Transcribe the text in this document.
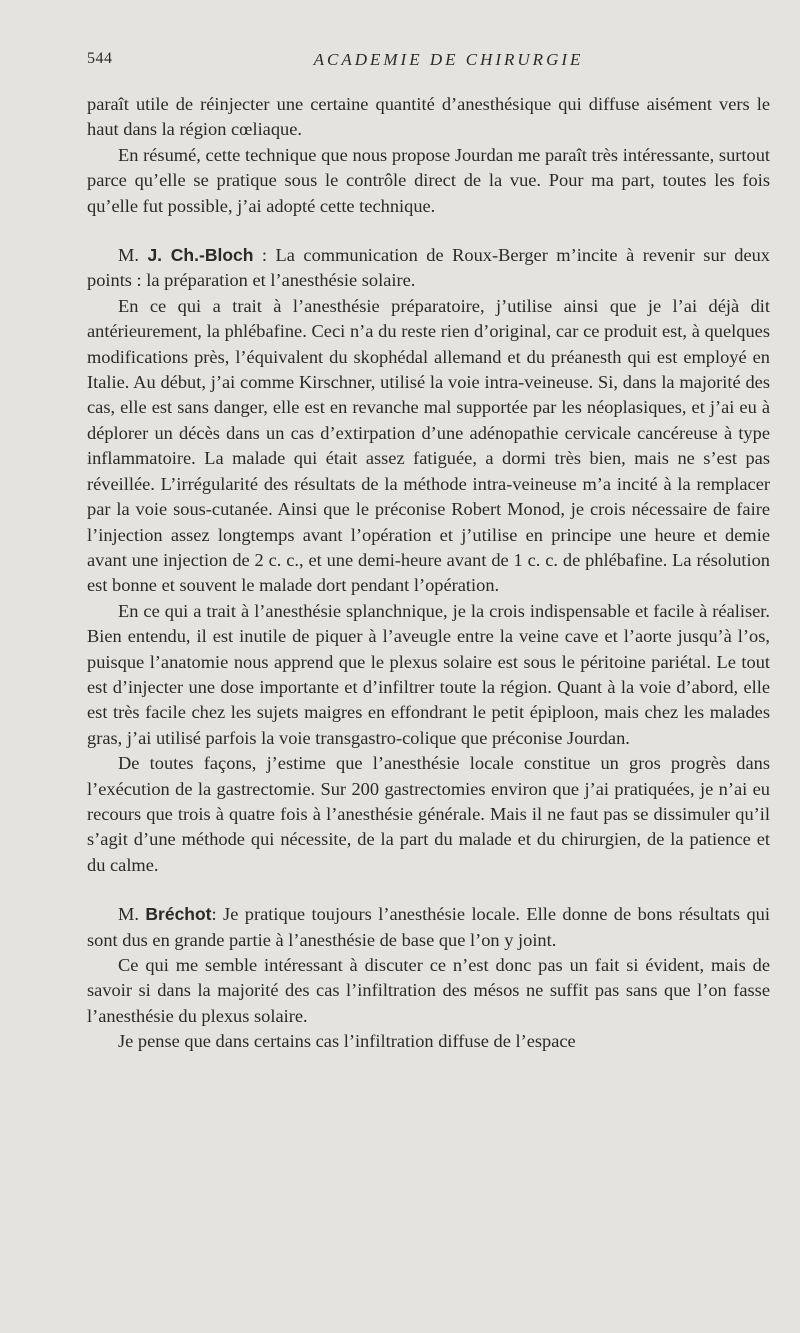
544	ACADEMIE DE CHIRURGIE

paraît utile de réinjecter une certaine quantité d’anesthésique qui diffuse aisément vers le haut dans la région cœliaque.

En résumé, cette technique que nous propose Jourdan me paraît très intéressante, surtout parce qu’elle se pratique sous le contrôle direct de la vue. Pour ma part, toutes les fois qu’elle fut possible, j’ai adopté cette technique.

M. J. Ch.-Bloch : La communication de Roux-Berger m’incite à revenir sur deux points : la préparation et l’anesthésie solaire.

En ce qui a trait à l’anesthésie préparatoire, j’utilise ainsi que je l’ai déjà dit antérieurement, la phlébafine. Ceci n’a du reste rien d’original, car ce produit est, à quelques modifications près, l’équivalent du skophédal allemand et du préanesth qui est employé en Italie. Au début, j’ai comme Kirschner, utilisé la voie intra-veineuse. Si, dans la majorité des cas, elle est sans danger, elle est en revanche mal supportée par les néoplasiques, et j’ai eu à déplorer un décès dans un cas d’extirpation d’une adénopathie cervicale cancéreuse à type inflammatoire. La malade qui était assez fatiguée, a dormi très bien, mais ne s’est pas réveillée. L’irrégularité des résultats de la méthode intra-veineuse m’a incité à la remplacer par la voie sous-cutanée. Ainsi que le préconise Robert Monod, je crois nécessaire de faire l’injection assez longtemps avant l’opération et j’utilise en principe une heure et demie avant une injection de 2 c. c., et une demi-heure avant de 1 c. c. de phlébafine. La résolution est bonne et souvent le malade dort pendant l’opération.

En ce qui a trait à l’anesthésie splanchnique, je la crois indispensable et facile à réaliser. Bien entendu, il est inutile de piquer à l’aveugle entre la veine cave et l’aorte jusqu’à l’os, puisque l’anatomie nous apprend que le plexus solaire est sous le péritoine pariétal. Le tout est d’injecter une dose importante et d’infiltrer toute la région. Quant à la voie d’abord, elle est très facile chez les sujets maigres en effondrant le petit épiploon, mais chez les malades gras, j’ai utilisé parfois la voie transgastro-colique que préconise Jourdan.

De toutes façons, j’estime que l’anesthésie locale constitue un gros progrès dans l’exécution de la gastrectomie. Sur 200 gastrectomies environ que j’ai pratiquées, je n’ai eu recours que trois à quatre fois à l’anesthésie générale. Mais il ne faut pas se dissimuler qu’il s’agit d’une méthode qui nécessite, de la part du malade et du chirurgien, de la patience et du calme.

M. Bréchot: Je pratique toujours l’anesthésie locale. Elle donne de bons résultats qui sont dus en grande partie à l’anesthésie de base que l’on y joint.

Ce qui me semble intéressant à discuter ce n’est donc pas un fait si évident, mais de savoir si dans la majorité des cas l’infiltration des mésos ne suffit pas sans que l’on fasse l’anesthésie du plexus solaire.

Je pense que dans certains cas l’infiltration diffuse de l’espace
